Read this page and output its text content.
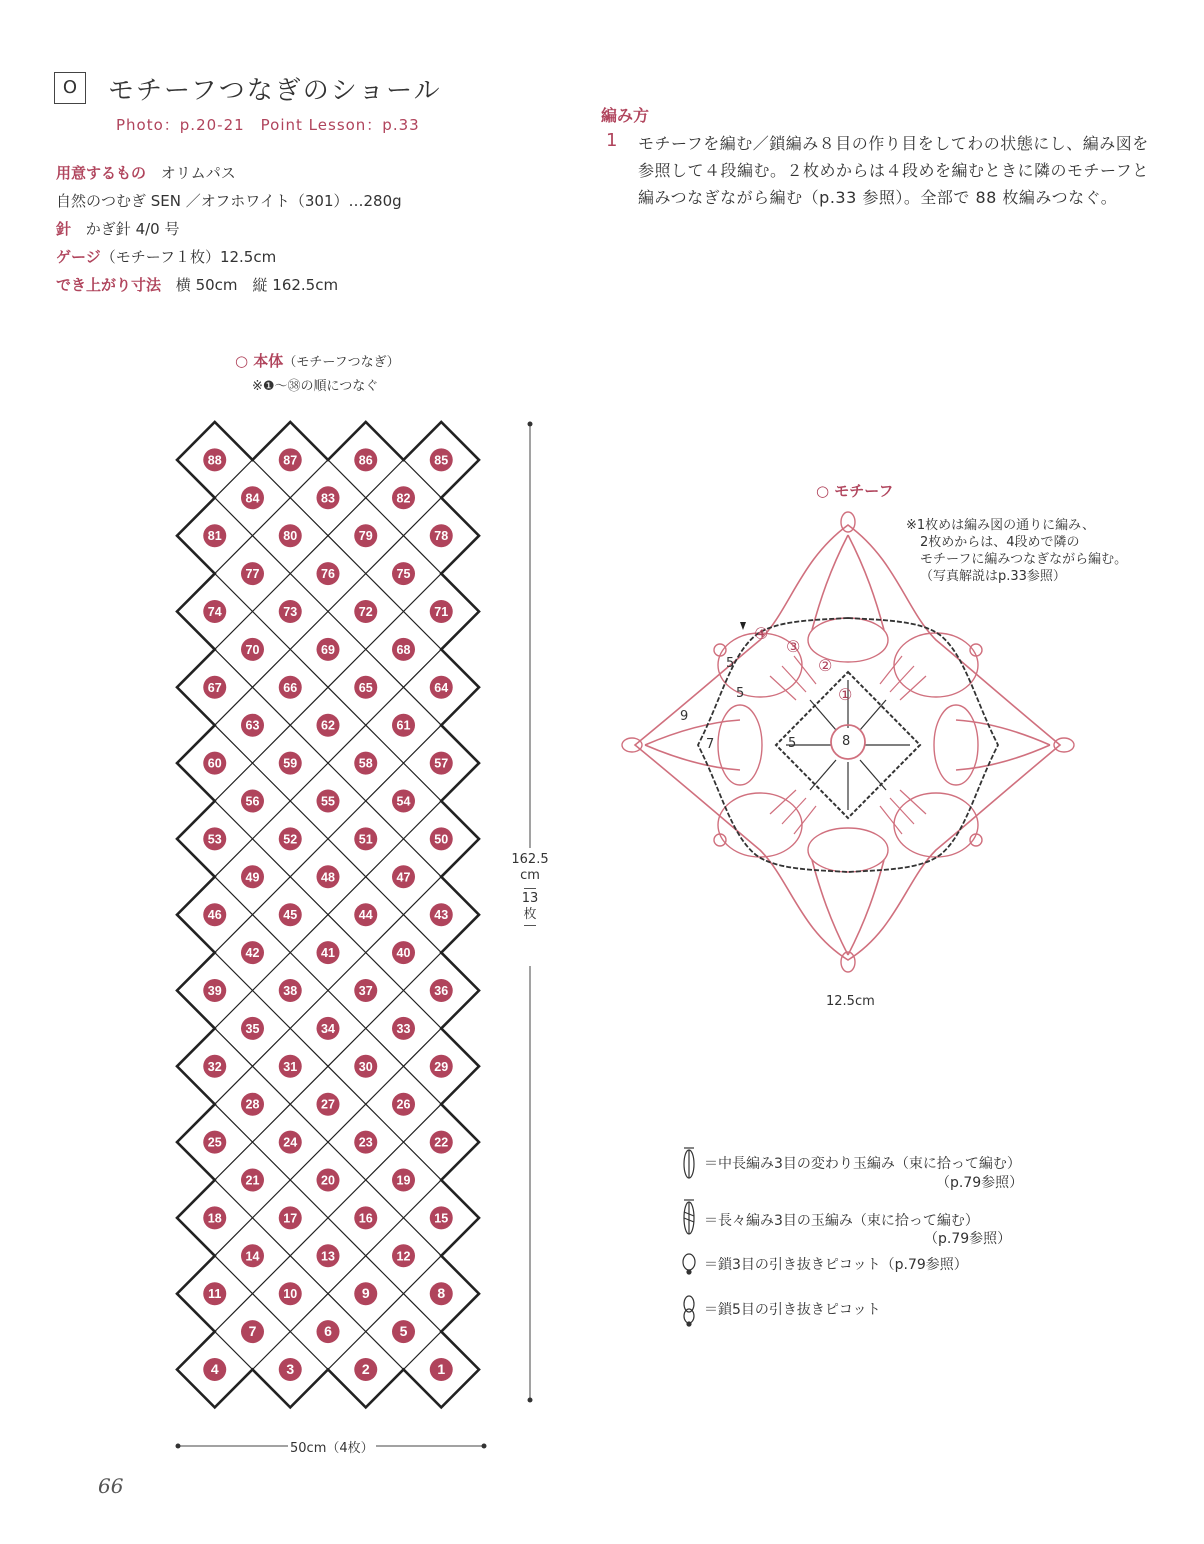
O	モチーフつなぎのショール
Photo：p.20-21　Point Lesson：p.33
用意するもの オリムパス
自然のつむぎ SEN ／オフホワイト（301）…280g
針 かぎ針 4/0 号
ゲージ（モチーフ１枚）12.5cm
でき上がり寸法 横 50cm　縦 162.5cm
編み方
1 モチーフを編む／鎖編み８目の作り目をしてわの状態にし、編み図を
参照して４段編む。２枚めからは４段めを編むときに隣のモチーフと
編みつなぎながら編む（p.33 参照）。全部で 88 枚編みつなぐ。
○ 本体（モチーフつなぎ）
※❶〜㊳の順につなぐ
88	87	86	85
84	83	82
81	80	79	78
77	76	75
74	73	72	71
70	69	68
67	66	65	64
63	62	61
60	59	58	57
56	55	54
53	52	51	50
49	48	47
46	45	44	43
42	41	40
39	38	37	36
35	34	33
32	31	30	29
28	27	26
25	24	23	22
21	20	19
18	17	16	15
14	13	12
11	10	9	8
7	6	5
4	3	2	1
162.5
cm
13
枚
50cm（4枚）
○ モチーフ
※1枚めは編み図の通りに編み、
2枚めからは、4段めで隣の
モチーフに編みつなぎながら編む。
（写真解説はp.33参照）
④
③
②
①
8
5
5
5
7
9
12.5cm
＝中長編み3目の変わり玉編み（束に拾って編む）
（p.79参照）
＝長々編み3目の玉編み（束に拾って編む）
（p.79参照）
＝鎖3目の引き抜きピコット（p.79参照）
＝鎖5目の引き抜きピコット
66
